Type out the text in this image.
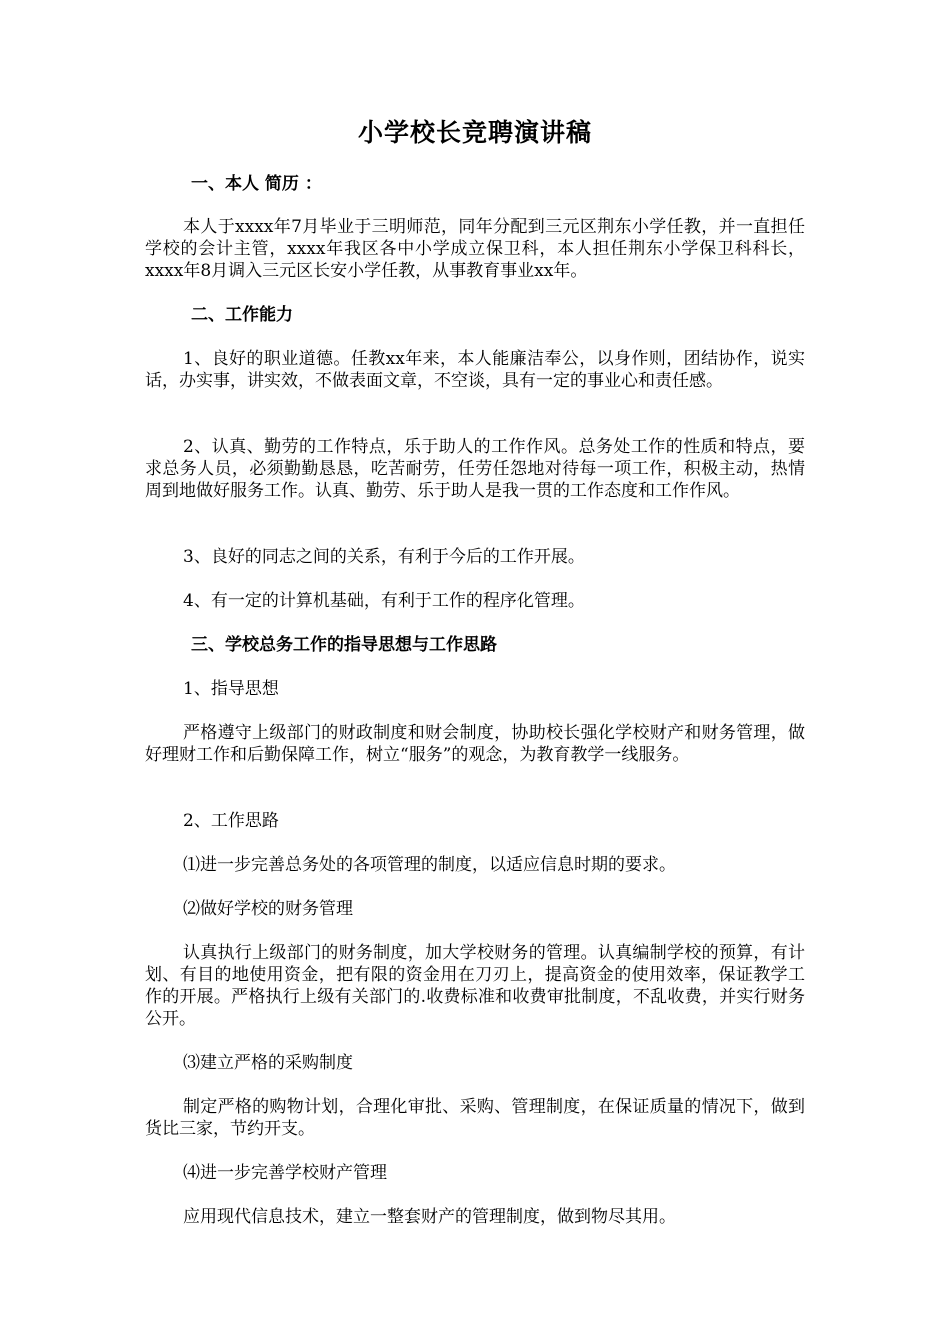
小学校长竞聘演讲稿

一、本人 简历 ：

本人于xxxx年7月毕业于三明师范，同年分配到三元区荆东小学任教，并一直担任学校的会计主管，xxxx年我区各中小学成立保卫科，本人担任荆东小学保卫科科长，xxxx年8月调入三元区长安小学任教，从事教育事业xx年。

二、工作能力

1、良好的职业道德。任教xx年来，本人能廉洁奉公，以身作则，团结协作，说实话，办实事，讲实效，不做表面文章，不空谈，具有一定的事业心和责任感。

2、认真、勤劳的工作特点，乐于助人的工作作风。总务处工作的性质和特点，要求总务人员，必须勤勤恳恳，吃苦耐劳，任劳任怨地对待每一项工作，积极主动，热情周到地做好服务工作。认真、勤劳、乐于助人是我一贯的工作态度和工作作风。

3、良好的同志之间的关系，有利于今后的工作开展。

4、有一定的计算机基础，有利于工作的程序化管理。

三、学校总务工作的指导思想与工作思路

1、指导思想

严格遵守上级部门的财政制度和财会制度，协助校长强化学校财产和财务管理，做好理财工作和后勤保障工作，树立“服务”的观念，为教育教学一线服务。

2、工作思路

⑴进一步完善总务处的各项管理的制度，以适应信息时期的要求。

⑵做好学校的财务管理

认真执行上级部门的财务制度，加大学校财务的管理。认真编制学校的预算，有计划、有目的地使用资金，把有限的资金用在刀刃上，提高资金的使用效率，保证教学工作的开展。严格执行上级有关部门的.收费标准和收费审批制度，不乱收费，并实行财务公开。

⑶建立严格的采购制度

制定严格的购物计划，合理化审批、采购、管理制度，在保证质量的情况下，做到货比三家，节约开支。

⑷进一步完善学校财产管理

应用现代信息技术，建立一整套财产的管理制度，做到物尽其用。
